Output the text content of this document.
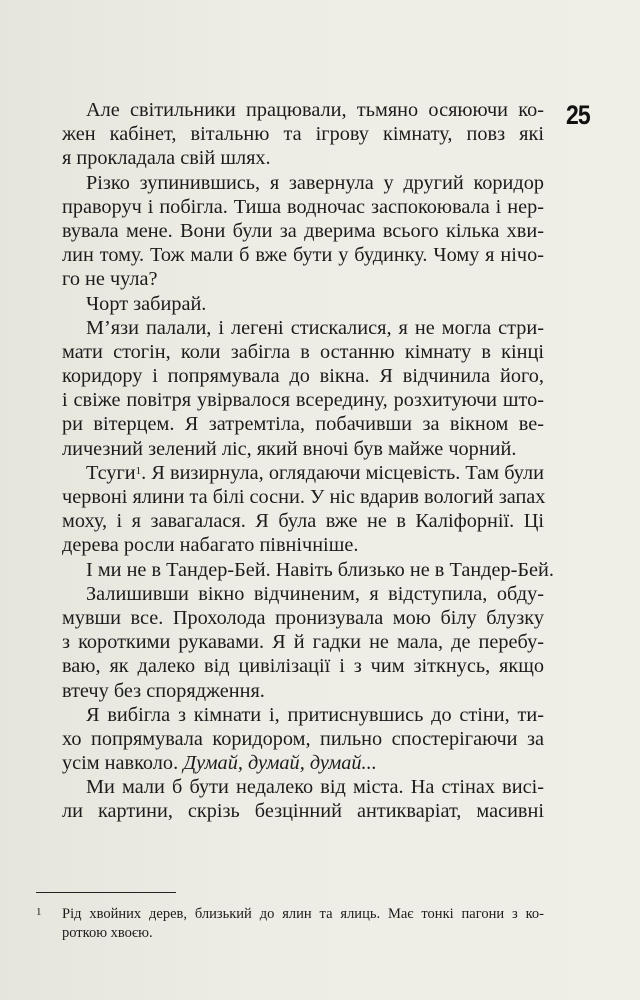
25
Але світильники працювали, тьмяно осяюючи ко-
жен кабінет, вітальню та ігрову кімнату, повз які
я прокладала свій шлях.
Різко зупинившись, я завернула у другий коридор
праворуч і побігла. Тиша водночас заспокоювала і нер-
вувала мене. Вони були за дверима всього кілька хви-
лин тому. Тож мали б вже бути у будинку. Чому я нічо-
го не чула?
Чорт забирай.
М’язи палали, і легені стискалися, я не могла стри-
мати стогін, коли забігла в останню кімнату в кінці
коридору і попрямувала до вікна. Я відчинила його,
і свіже повітря увірвалося всередину, розхитуючи што-
ри вітерцем. Я затремтіла, побачивши за вікном ве-
личезний зелений ліс, який вночі був майже чорний.
Тсуги$^1$. Я визирнула, оглядаючи місцевість. Там були
червоні ялини та білі сосни. У ніс вдарив вологий запах
моху, і я завагалася. Я була вже не в Каліфорнії. Ці
дерева росли набагато північніше.
І ми не в Тандер-Бей. Навіть близько не в Тандер-Бей.
Залишивши вікно відчиненим, я відступила, обду-
мувши все. Прохолода пронизувала мою білу блузку
з короткими рукавами. Я й гадки не мала, де перебу-
ваю, як далеко від цивілізації і з чим зіткнусь, якщо
втечу без спорядження.
Я вибігла з кімнати і, притиснувшись до стіни, ти-
хо попрямувала коридором, пильно спостерігаючи за
усім навколо. Думай, думай, думай...
Ми мали б бути недалеко від міста. На стінах висі-
ли картини, скрізь безцінний антикваріат, масивні
1	Рід хвойних дерев, близький до ялин та ялиць. Має тонкі пагони з ко-
роткою хвоєю.
